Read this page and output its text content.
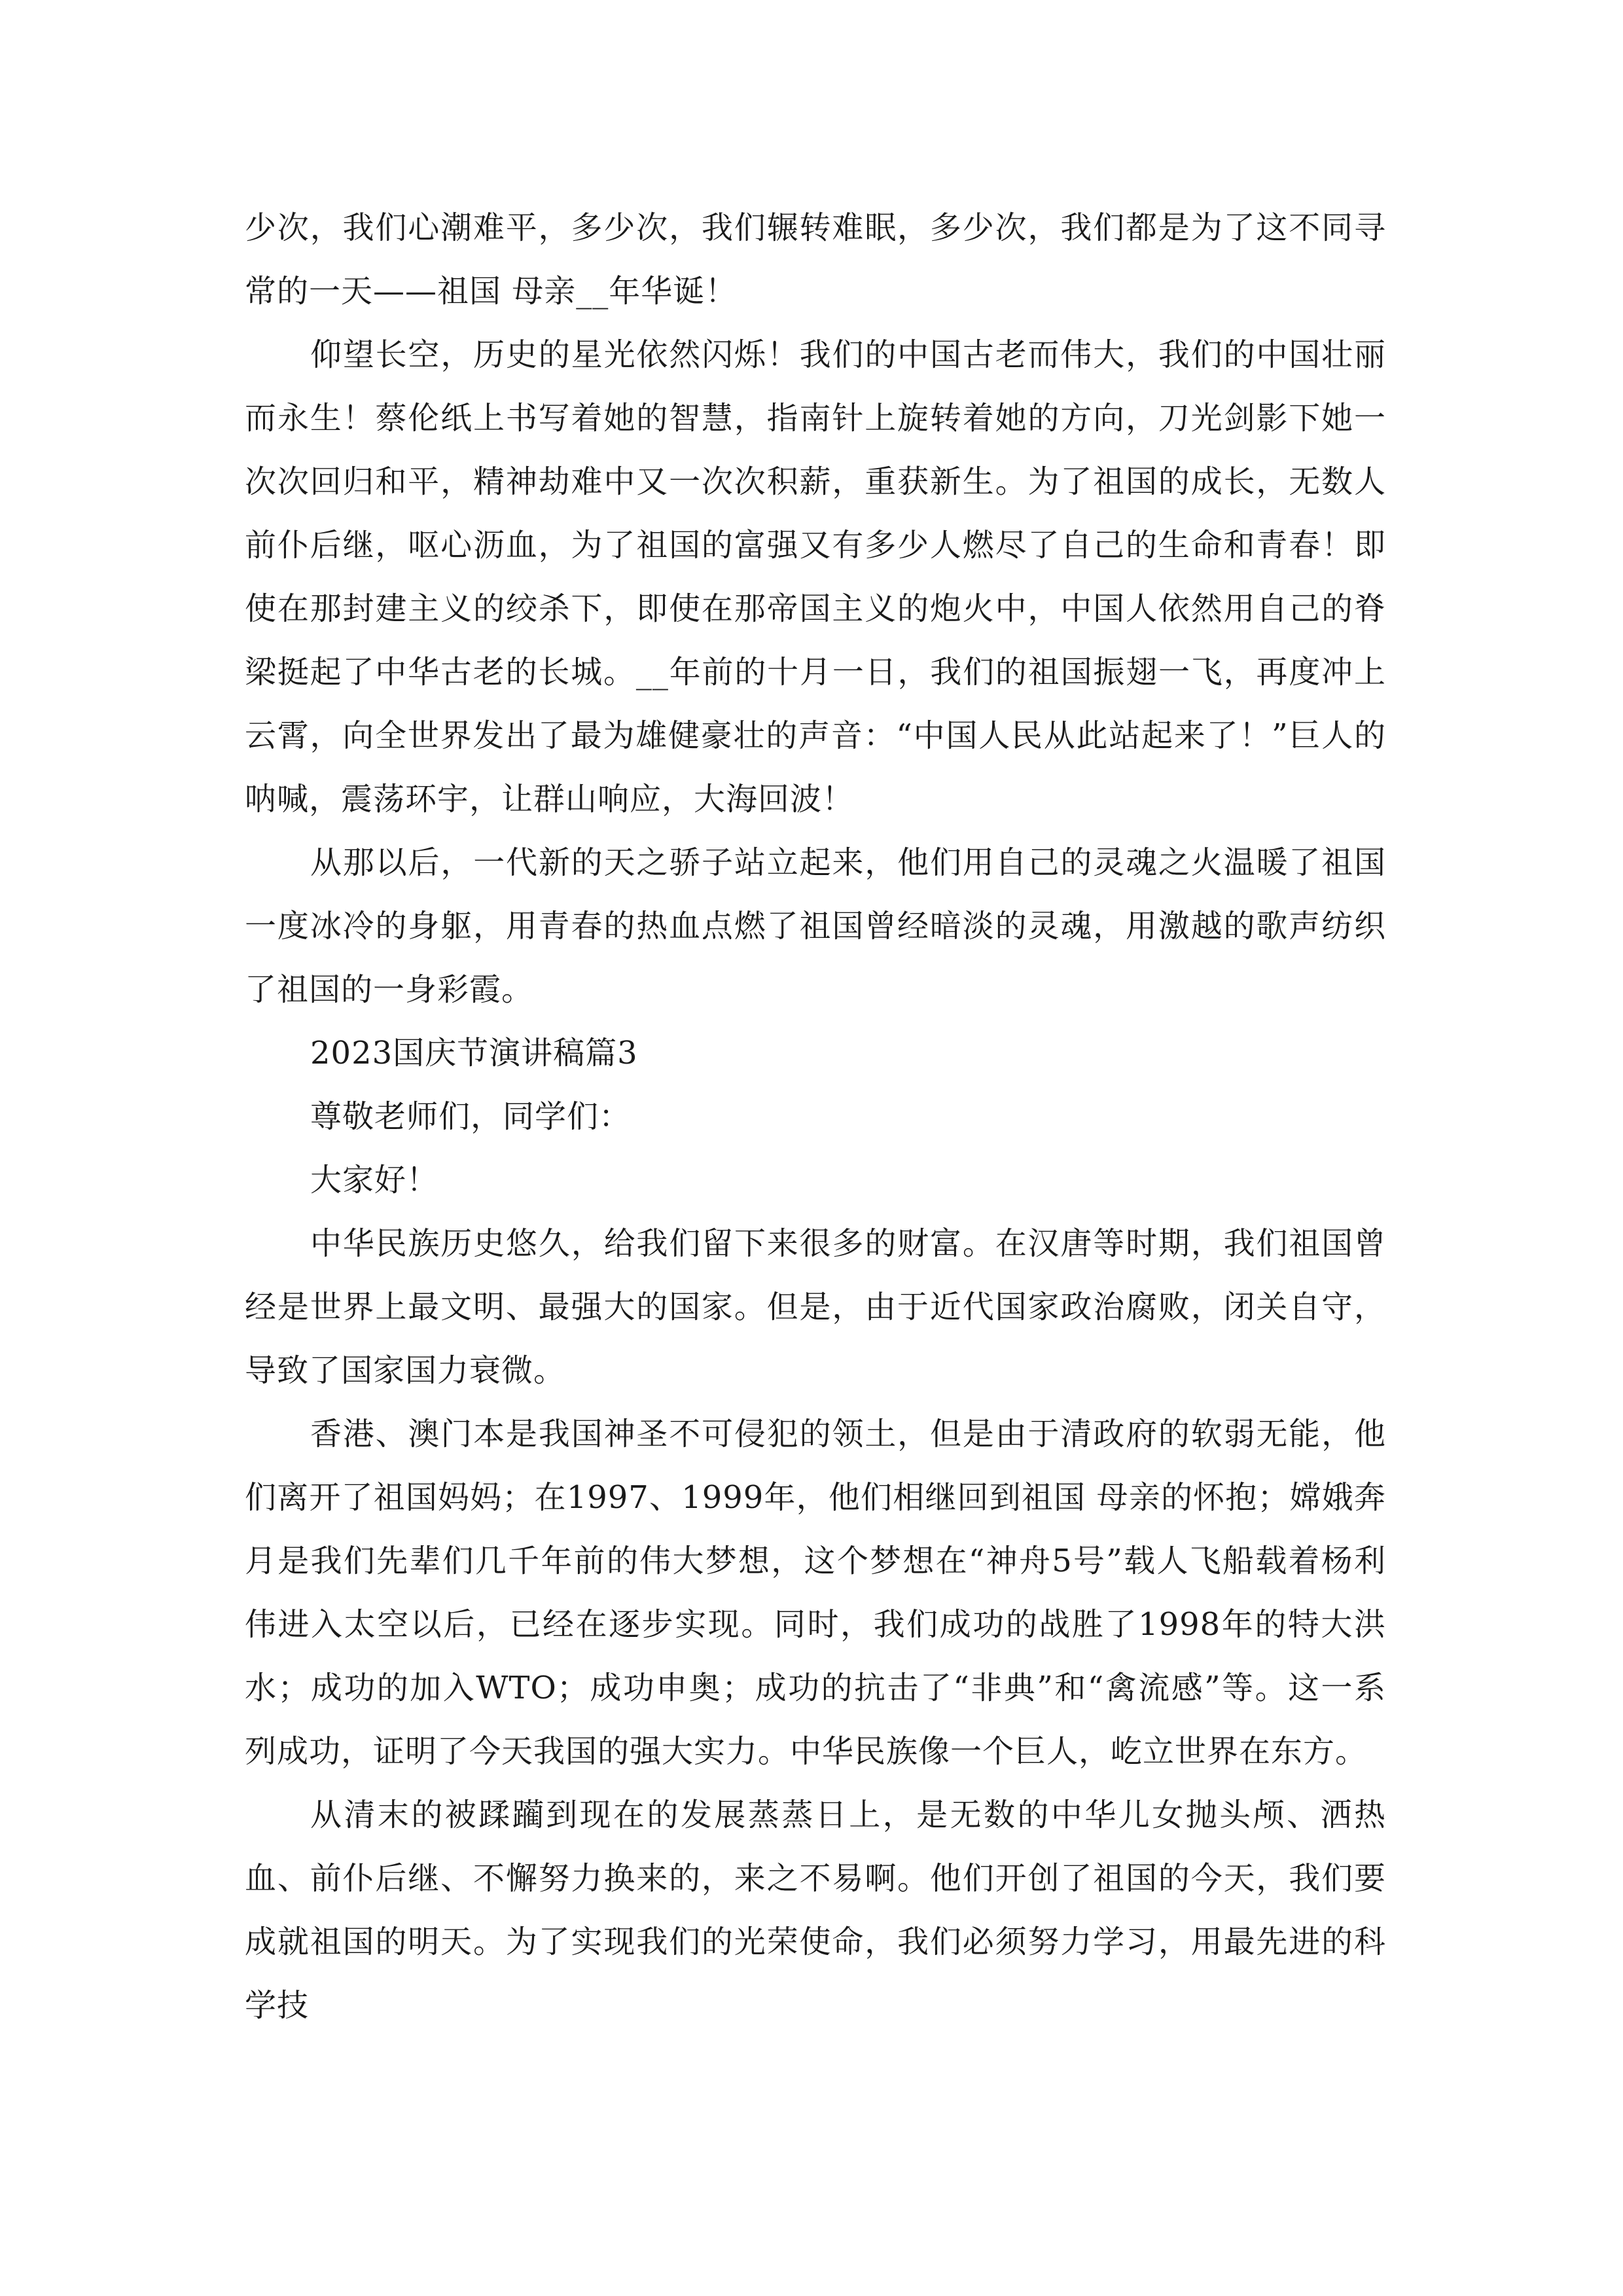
少次，我们心潮难平，多少次，我们辗转难眠，多少次，我们都是为了这不同寻常的一天——祖国 母亲__年华诞！

仰望长空，历史的星光依然闪烁！我们的中国古老而伟大，我们的中国壮丽而永生！蔡伦纸上书写着她的智慧，指南针上旋转着她的方向，刀光剑影下她一次次回归和平，精神劫难中又一次次积薪，重获新生。为了祖国的成长，无数人前仆后继，呕心沥血，为了祖国的富强又有多少人燃尽了自己的生命和青春！即使在那封建主义的绞杀下，即使在那帝国主义的炮火中，中国人依然用自己的脊梁挺起了中华古老的长城。__年前的十月一日，我们的祖国振翅一飞，再度冲上云霄，向全世界发出了最为雄健豪壮的声音：“中国人民从此站起来了！”巨人的呐喊，震荡环宇，让群山响应，大海回波！

从那以后，一代新的天之骄子站立起来，他们用自己的灵魂之火温暖了祖国一度冰冷的身躯，用青春的热血点燃了祖国曾经暗淡的灵魂，用激越的歌声纺织了祖国的一身彩霞。

2023国庆节演讲稿篇3

尊敬老师们，同学们：

大家好！

中华民族历史悠久，给我们留下来很多的财富。在汉唐等时期，我们祖国曾经是世界上最文明、最强大的国家。但是，由于近代国家政治腐败，闭关自守，导致了国家国力衰微。

香港、澳门本是我国神圣不可侵犯的领土，但是由于清政府的软弱无能，他们离开了祖国妈妈；在1997、1999年，他们相继回到祖国 母亲的怀抱；嫦娥奔月是我们先辈们几千年前的伟大梦想，这个梦想在“神舟5号”载人飞船载着杨利伟进入太空以后，已经在逐步实现。同时，我们成功的战胜了1998年的特大洪水；成功的加入WTO；成功申奥；成功的抗击了“非典”和“禽流感”等。这一系列成功，证明了今天我国的强大实力。中华民族像一个巨人，屹立世界在东方。

从清末的被蹂躏到现在的发展蒸蒸日上，是无数的中华儿女抛头颅、洒热血、前仆后继、不懈努力换来的，来之不易啊。他们开创了祖国的今天，我们要成就祖国的明天。为了实现我们的光荣使命，我们必须努力学习，用最先进的科学技
